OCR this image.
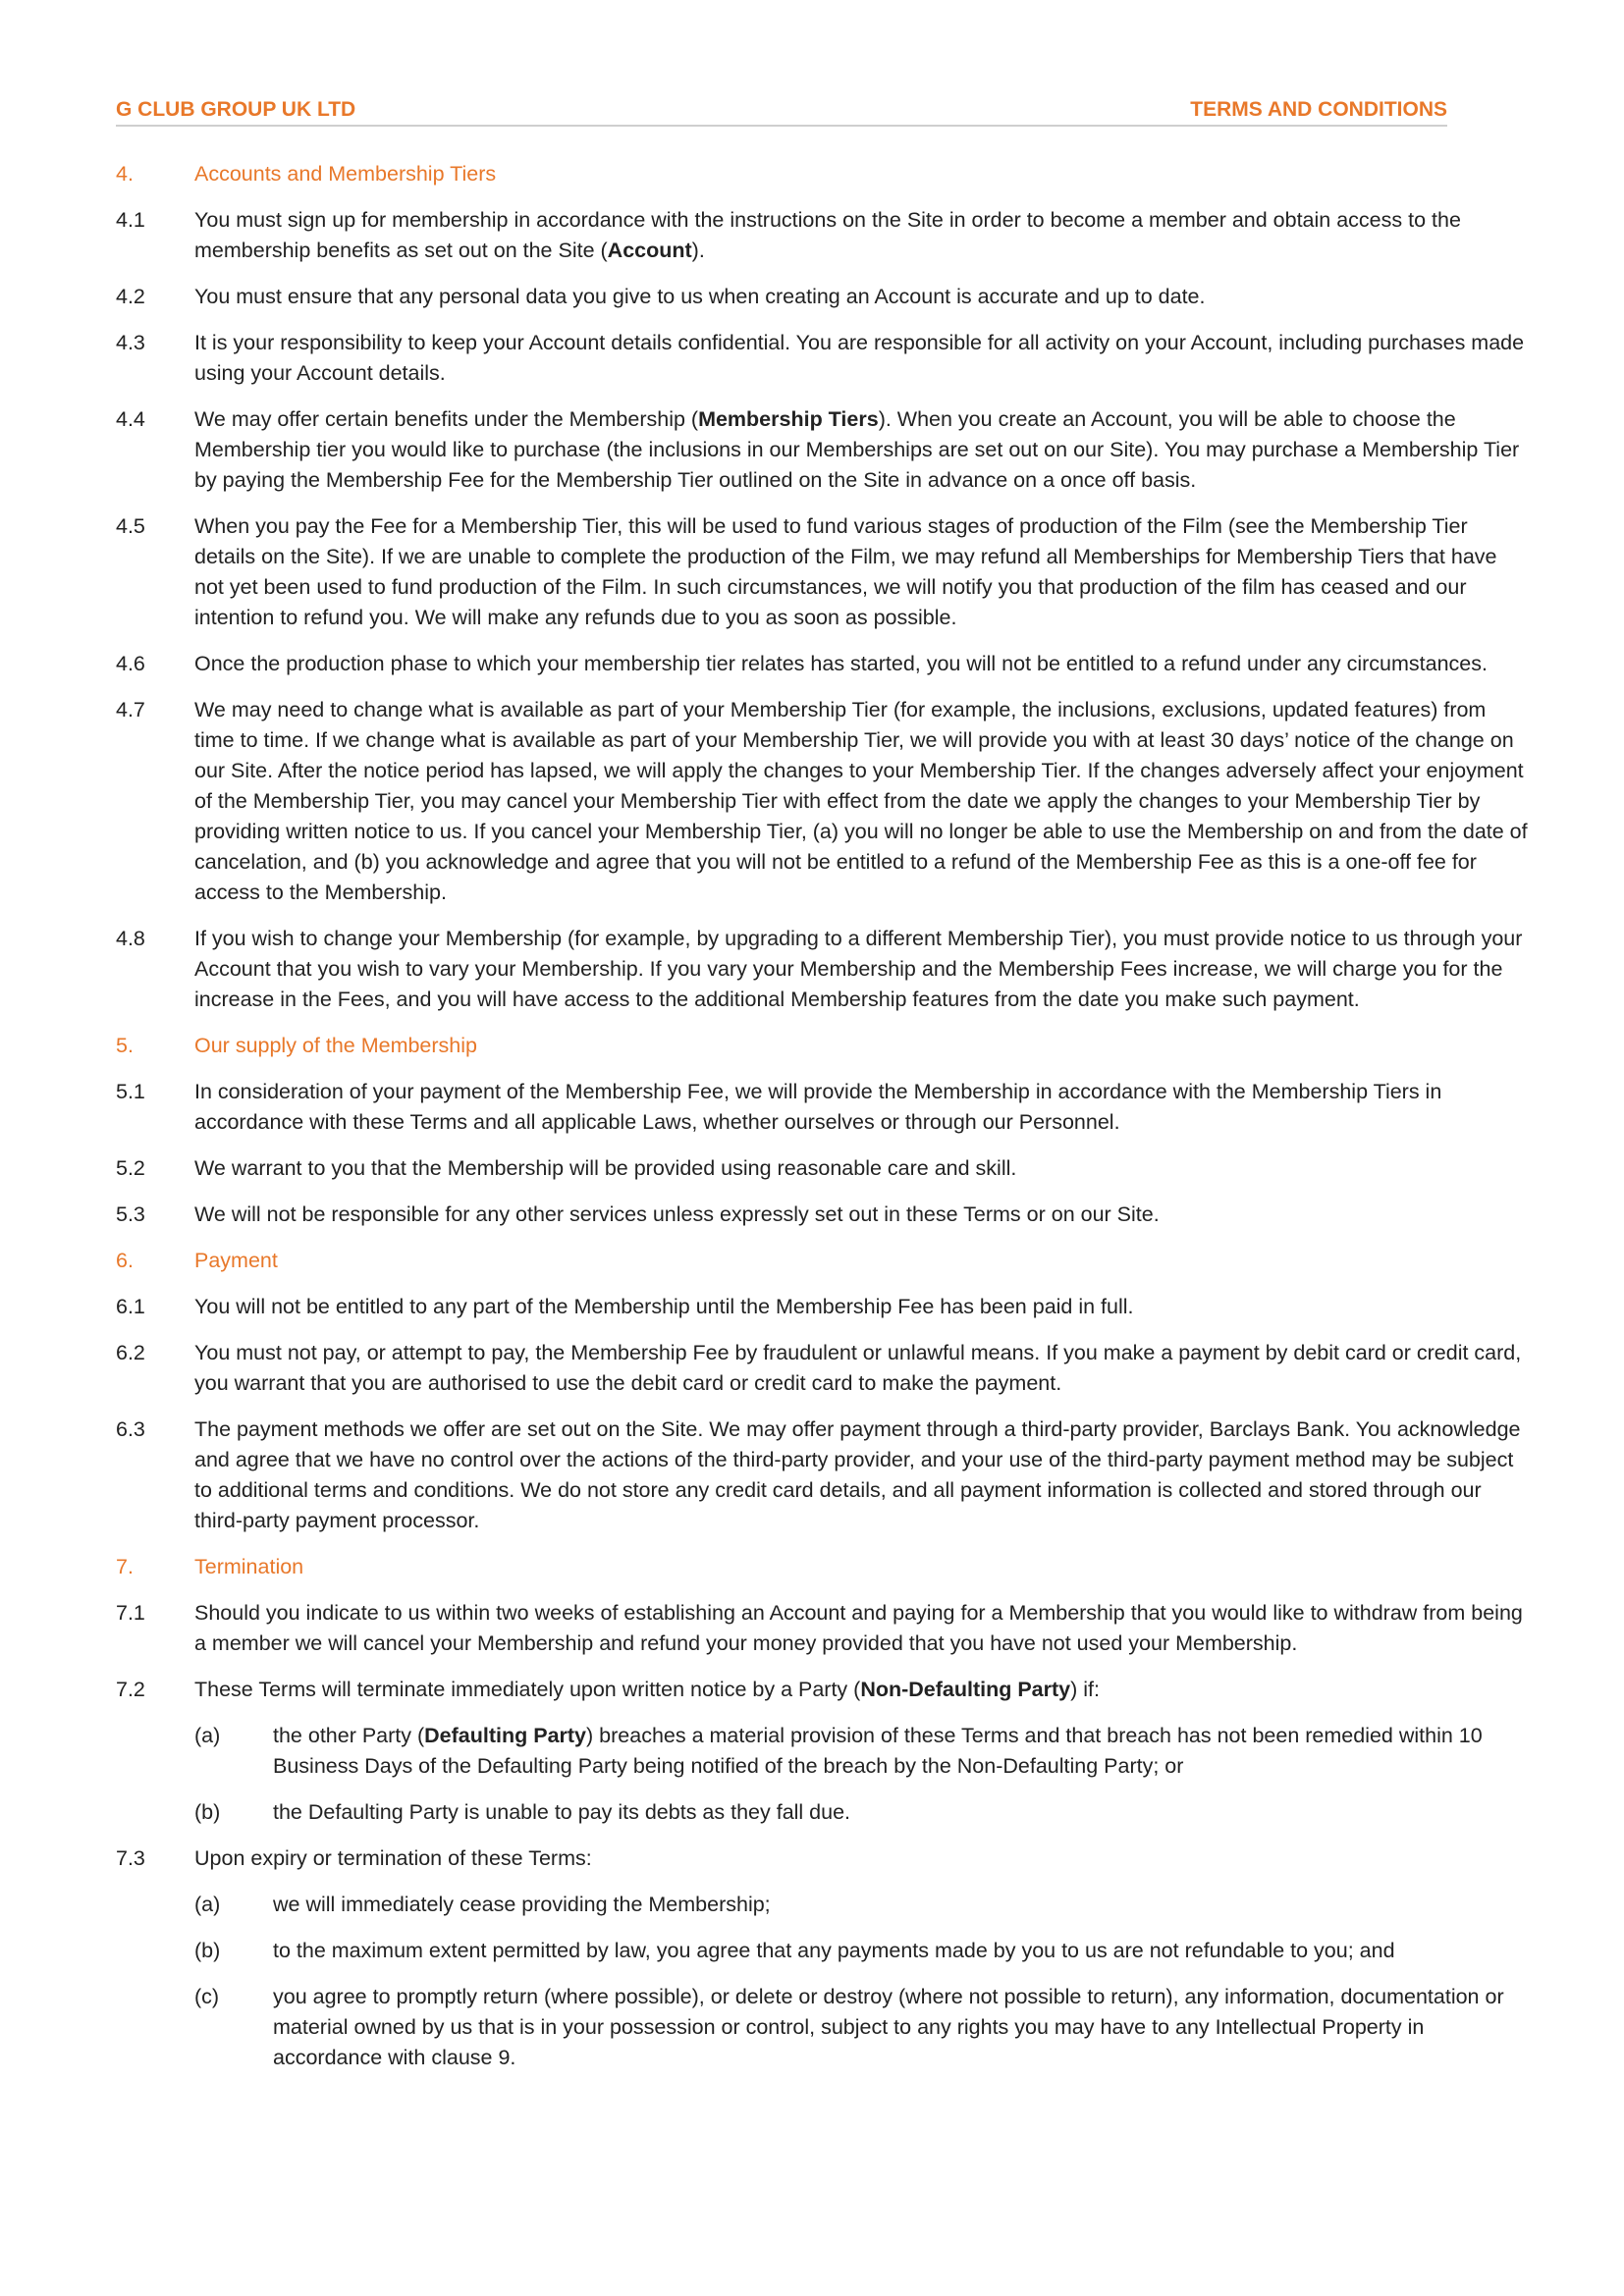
G CLUB GROUP UK LTD	TERMS AND CONDITIONS
4.	Accounts and Membership Tiers
4.1 You must sign up for membership in accordance with the instructions on the Site in order to become a member and obtain access to the membership benefits as set out on the Site (Account).
4.2 You must ensure that any personal data you give to us when creating an Account is accurate and up to date.
4.3 It is your responsibility to keep your Account details confidential. You are responsible for all activity on your Account, including purchases made using your Account details.
4.4 We may offer certain benefits under the Membership (Membership Tiers). When you create an Account, you will be able to choose the Membership tier you would like to purchase (the inclusions in our Memberships are set out on our Site). You may purchase a Membership Tier by paying the Membership Fee for the Membership Tier outlined on the Site in advance on a once off basis.
4.5 When you pay the Fee for a Membership Tier, this will be used to fund various stages of production of the Film (see the Membership Tier details on the Site). If we are unable to complete the production of the Film, we may refund all Memberships for Membership Tiers that have not yet been used to fund production of the Film. In such circumstances, we will notify you that production of the film has ceased and our intention to refund you. We will make any refunds due to you as soon as possible.
4.6 Once the production phase to which your membership tier relates has started, you will not be entitled to a refund under any circumstances.
4.7 We may need to change what is available as part of your Membership Tier (for example, the inclusions, exclusions, updated features) from time to time. If we change what is available as part of your Membership Tier, we will provide you with at least 30 days’ notice of the change on our Site. After the notice period has lapsed, we will apply the changes to your Membership Tier. If the changes adversely affect your enjoyment of the Membership Tier, you may cancel your Membership Tier with effect from the date we apply the changes to your Membership Tier by providing written notice to us. If you cancel your Membership Tier, (a) you will no longer be able to use the Membership on and from the date of cancelation, and (b) you acknowledge and agree that you will not be entitled to a refund of the Membership Fee as this is a one-off fee for access to the Membership.
4.8 If you wish to change your Membership (for example, by upgrading to a different Membership Tier), you must provide notice to us through your Account that you wish to vary your Membership. If you vary your Membership and the Membership Fees increase, we will charge you for the increase in the Fees, and you will have access to the additional Membership features from the date you make such payment.
5.	Our supply of the Membership
5.1 In consideration of your payment of the Membership Fee, we will provide the Membership in accordance with the Membership Tiers in accordance with these Terms and all applicable Laws, whether ourselves or through our Personnel.
5.2 We warrant to you that the Membership will be provided using reasonable care and skill.
5.3 We will not be responsible for any other services unless expressly set out in these Terms or on our Site.
6.	Payment
6.1 You will not be entitled to any part of the Membership until the Membership Fee has been paid in full.
6.2 You must not pay, or attempt to pay, the Membership Fee by fraudulent or unlawful means. If you make a payment by debit card or credit card, you warrant that you are authorised to use the debit card or credit card to make the payment.
6.3 The payment methods we offer are set out on the Site. We may offer payment through a third-party provider, Barclays Bank. You acknowledge and agree that we have no control over the actions of the third-party provider, and your use of the third-party payment method may be subject to additional terms and conditions. We do not store any credit card details, and all payment information is collected and stored through our third-party payment processor.
7.	Termination
7.1 Should you indicate to us within two weeks of establishing an Account and paying for a Membership that you would like to withdraw from being a member we will cancel your Membership and refund your money provided that you have not used your Membership.
7.2 These Terms will terminate immediately upon written notice by a Party (Non-Defaulting Party) if:
(a) the other Party (Defaulting Party) breaches a material provision of these Terms and that breach has not been remedied within 10 Business Days of the Defaulting Party being notified of the breach by the Non-Defaulting Party; or
(b) the Defaulting Party is unable to pay its debts as they fall due.
7.3 Upon expiry or termination of these Terms:
(a) we will immediately cease providing the Membership;
(b) to the maximum extent permitted by law, you agree that any payments made by you to us are not refundable to you; and
(c)	you agree to promptly return (where possible), or delete or destroy (where not possible to return), any information, documentation or material owned by us that is in your possession or control, subject to any rights you may have to any Intellectual Property in accordance with clause 9.
